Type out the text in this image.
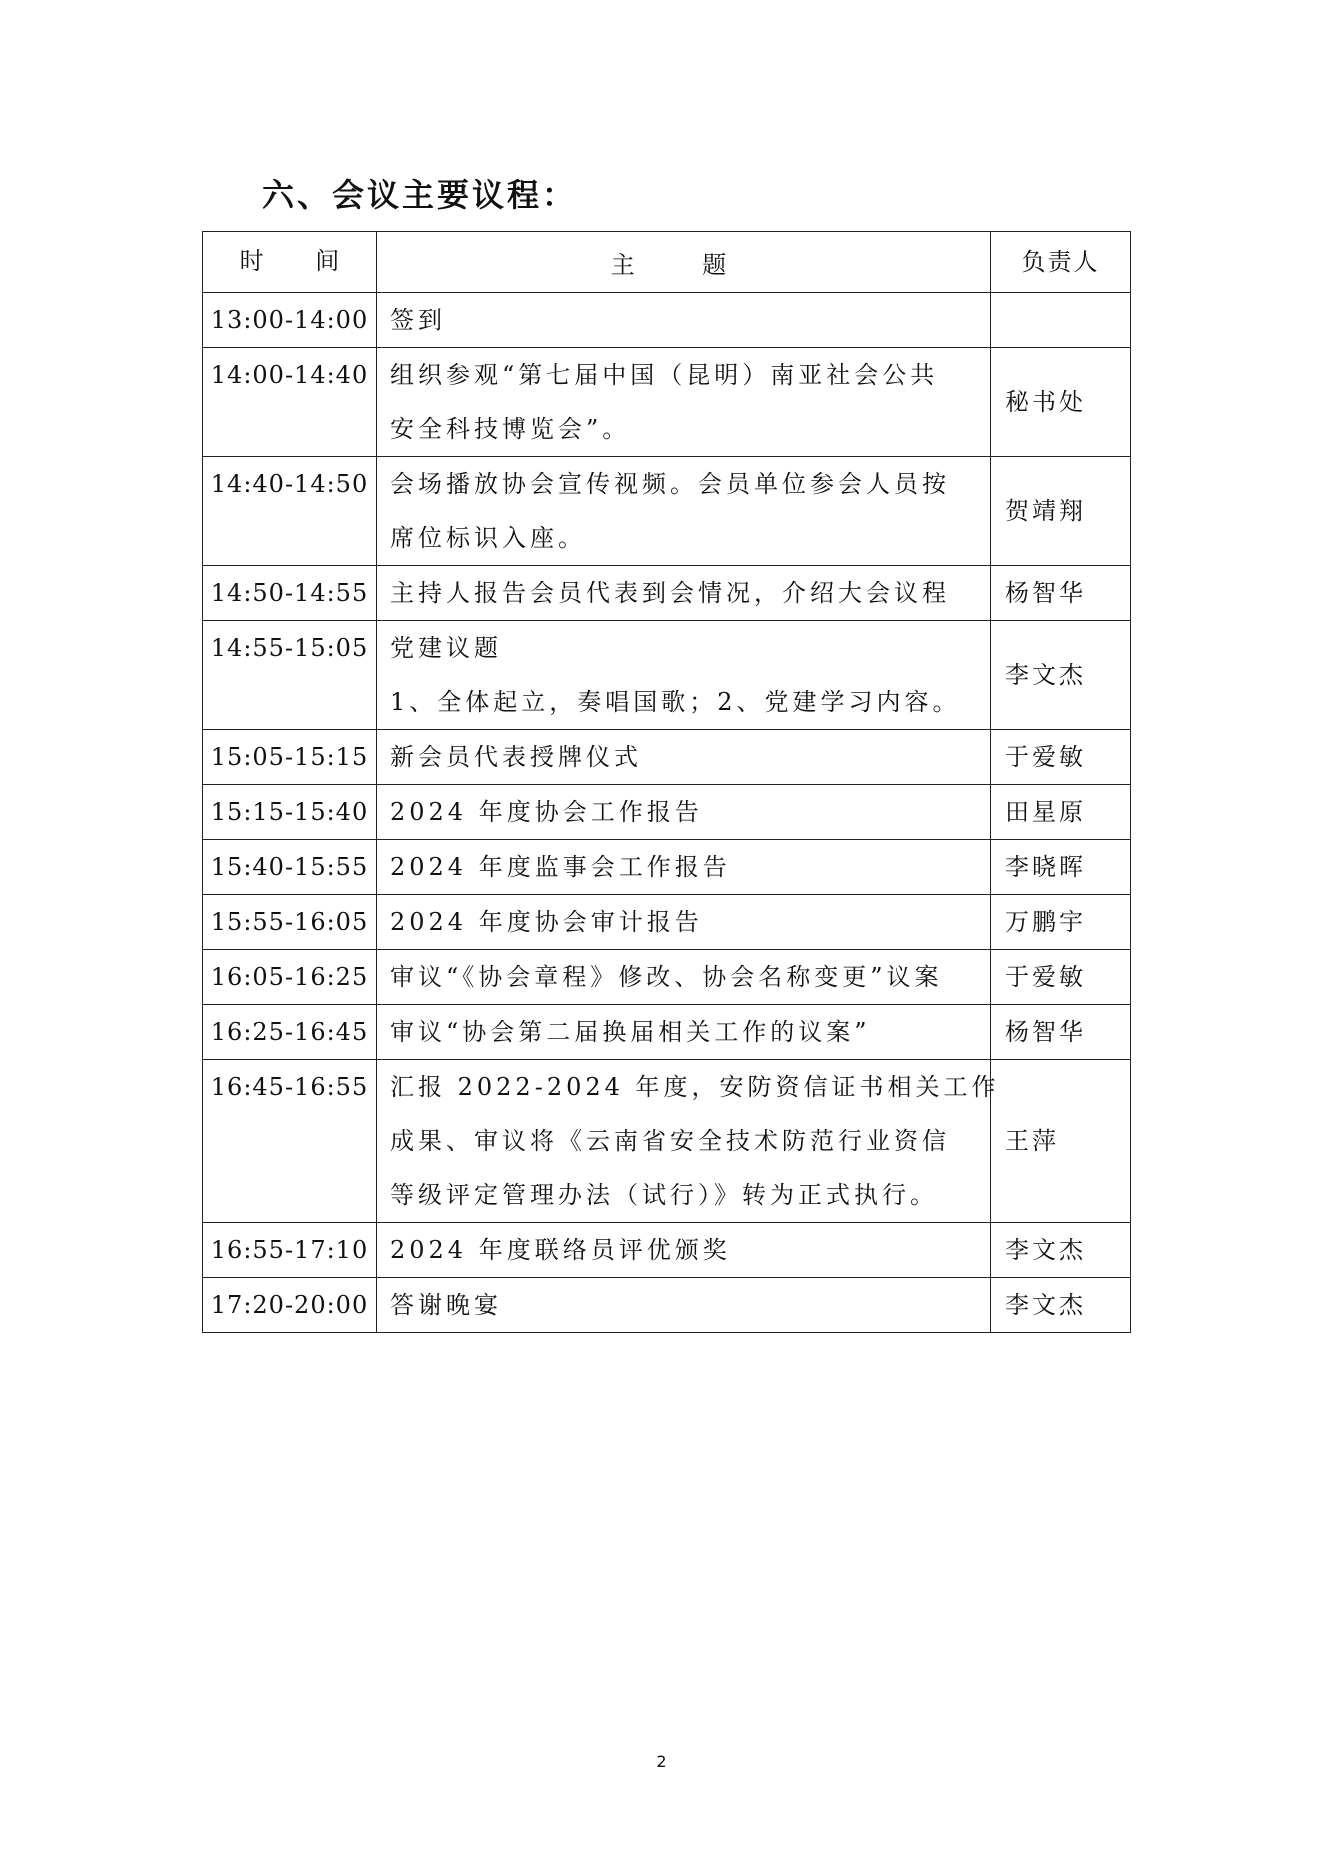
六、会议主要议程：
时 间	主 题	负责人
13:00-14:00	签到	

14:00-14:40	组织参观“第七届中国（昆明）南亚社会公共
安全科技博览会”。	秘书处
14:40-14:50	会场播放协会宣传视频。会员单位参会人员按
席位标识入座。	贺靖翔
14:50-14:55	主持人报告会员代表到会情况，介绍大会议程	杨智华
14:55-15:05	党建议题
1、全体起立，奏唱国歌；2、党建学习内容。	李文杰
15:05-15:15	新会员代表授牌仪式	于爱敏
15:15-15:40	2024 年度协会工作报告	田星原
15:40-15:55	2024 年度监事会工作报告	李晓晖
15:55-16:05	2024 年度协会审计报告	万鹏宇
16:05-16:25	审议“《协会章程》修改、协会名称变更”议案	于爱敏
16:25-16:45	审议“协会第二届换届相关工作的议案”	杨智华
16:45-16:55	汇报 2022-2024 年度，安防资信证书相关工作
成果、审议将《云南省安全技术防范行业资信
等级评定管理办法（试行）》转为正式执行。	王萍
16:55-17:10	2024 年度联络员评优颁奖	李文杰
17:20-20:00	答谢晚宴	李文杰
2
